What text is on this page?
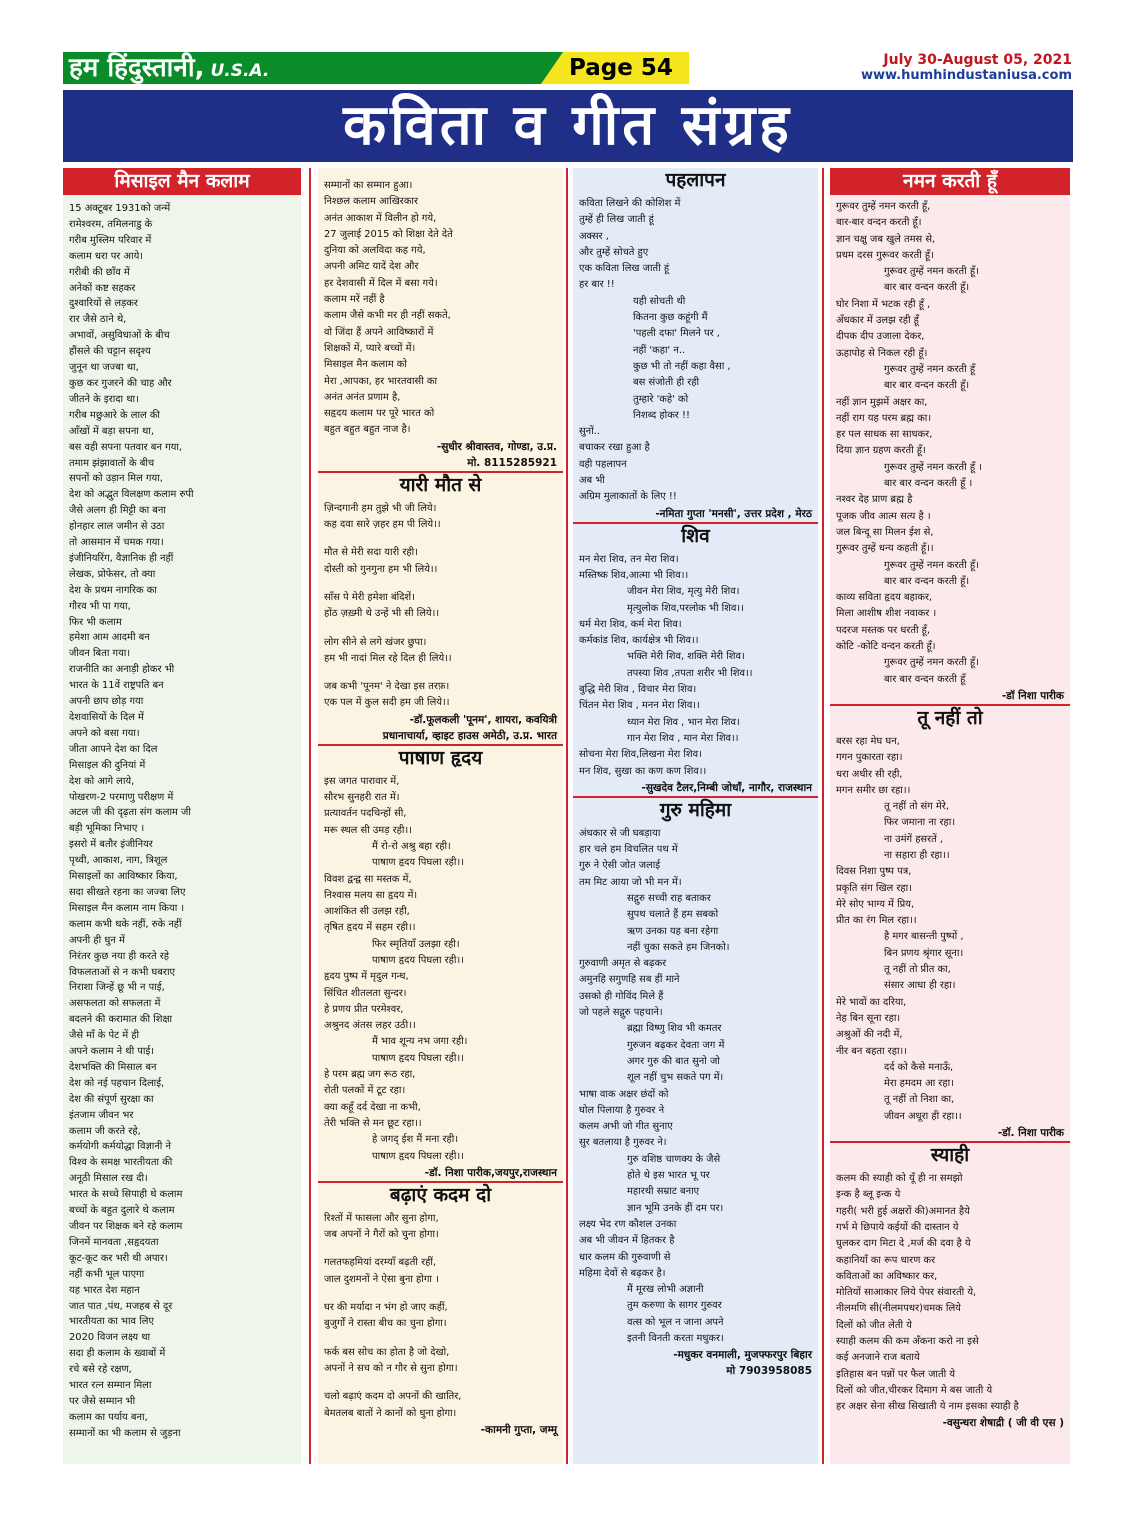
हम हिंदुस्तानी, U.S.A.	Page 54	July 30-August 05, 2021
www.humhindustaniusa.com
कविता व गीत संग्रह
मिसाइल मैन कलाम
15 अक्टूबर 1931को जन्में
रामेश्वरम, तमिलनाडु के
गरीब मुस्लिम परिवार में
कलाम धरा पर आये।
गरीबी की छाँव में
अनेकों कष्ट सहकर
दुश्वारियों से लड़कर
रार जैसे ठाने थे,
अभावों, असुविधाओं के बीच
हौंसले की चट्टान सदृश्य
जुनून था जज्बा था,
कुछ कर गुजरने की चाह और
जीतने के इरादा था।
गरीब मछुआरे के लाल की
आँखों में बड़ा सपना था,
बस वही सपना पतवार बन गया,
तमाम झंझावातों के बीच
सपनों को उड़ान मिल गया,
देश को अद्भुत विलक्षण कलाम रुपी
जैसे अलग ही मिट्टी का बना
होनहार लाल जमीन से उठा
तो आसमान में चमक गया।
इंजीनियरिंग, वैज्ञानिक ही नहीं
लेखक, प्रोफेसर, तो क्या
देश के प्रथम नागरिक का
गौरव भी पा गया,
फिर भी कलाम
हमेशा आम आदमी बन
जीवन बिता गया।
राजनीति का अनाड़ी होकर भी
भारत के 11वें राष्ट्रपति बन
अपनी छाप छोड़ गया
देशवासियों के दिल में
अपने को बसा गया।
जीता आपने देश का दिल
मिसाइल की दुनियां में
देश को आगे लाये,
पोखरण-2 परमाणु परीक्षण में
अटल जी की दृढ़ता संग कलाम जी
बड़ी भूमिका निभाए ।
इसरो में बतौर इंजीनियर
पृथ्वी, आकाश, नाग, त्रिशूल
मिसाइलों का आविष्कार किया,
सदा सीखते रहना का जज्बा लिए
मिसाइल मैन कलाम नाम किया ।
कलाम कभी थके नहीं, रुके नहीं
अपनी ही धुन में
निरंतर कुछ नया ही करते रहे
विफलताओं से न कभी घबराए
निराशा जिन्हें छू भी न पाई,
असफलता को सफलता में
बदलने की करामात की शिक्षा
जैसे माँ के पेट में ही
अपने कलाम ने थी पाई।
देशभक्ति की मिसाल बन
देश को नई पहचान दिलाई,
देश की संपूर्ण सुरक्षा का
इंतजाम जीवन भर
कलाम जी करते रहे,
कर्मयोगी कर्मयोद्धा विज्ञानी ने
विश्व के समक्ष भारतीयता की
अनूठी मिसाल रख दी।
भारत के सच्चे सिपाही थे कलाम
बच्चों के बहुत दुलारे थे कलाम
जीवन पर शिक्षक बने रहे कलाम
जिनमें मानवता ,सहृदयता
कूट-कूट कर भरी थी अपार।
नहीं कभी भूल पाएगा
यह भारत देश महान
जात पात ,पंथ, मजहब से दूर
भारतीयता का भाव लिए
2020 विजन लक्ष्य था
सदा ही कलाम के ख्वाबों में
रचे बसे रहे रक्षण,
भारत रत्न सम्मान मिला
पर जैसे सम्मान भी
कलाम का पर्याय बना,
सम्मानों का भी कलाम से जुड़ना
सम्मानों का सम्मान हुआ।
निश्छल कलाम आखिरकार
अनंत आकाश में विलीन हो गये,
27 जुलाई 2015 को शिक्षा देते देते
दुनिया को अलविदा कह गये,
अपनी अमिट यादें देश और
हर देशवासी में दिल में बसा गये।
कलाम मरें नहीं है
कलाम जैसे कभी मर ही नहीं सकते,
वो जिंदा हैं अपने आविष्कारों में
शिक्षकों में, प्यारे बच्चों में।
मिसाइल मैन कलाम को
मेरा ,आपका, हर भारतवासी का
अनंत अनंत प्रणाम है,
सहृदय कलाम पर पूरे भारत को
बहुत बहुत बहुत नाज है।
-सुधीर श्रीवास्तव, गोण्डा, उ.प्र.
मो. 8115285921
यारी मौत से
ज़िन्दगानी हम तुझे भी जी लिये।
कह दवा सारे ज़हर हम पी लिये।।
मौत से मेरी सदा यारी रही।
दोस्ती को गुनगुना हम भी लिये।।
साँस पे मेरी हमेशा बंदिशें।
होंठ ज़ख़्मी थे उन्हें भी सी लिये।।
लोग सीने से लगे खंजर छुपा।
हम भी नादां मिल रहे दिल ही लिये।।
जब कभी 'पूनम' ने देखा इस तरफ़।
एक पल में कुल सदी हम जी लिये।।
-डॉ.फूलकली 'पूनम', शायरा, कवयित्री
प्रधानाचार्या, व्हाइट हाउस अमेठी, उ.प्र. भारत
पाषाण हृदय
इस जगत पारावार में,
सौरभ सुनहरी रात में।
प्रत्यावर्तन पदचिन्हों सी,
मरू स्थल सी उमड़ रही।।
मैं रो-रो अश्रु बहा रही।
पाषाण हृदय पिघला रही।।
विवश द्वन्द्व सा मस्तक में,
निश्वास मलय सा हृदय में।
आशंकित सी उलझ रही,
तृषित हृदय में सहम रही।।
फिर स्मृतियाँ उलझा रही।
पाषाण हृदय पिघला रही।।
हृदय पुष्प में मृदुल गन्ध,
सिंचित शीतलता सुन्दर।
हे प्रणय प्रीत परमेश्वर,
अश्रुनद अंतस लहर उठी।।
मैं भाव शून्य नभ जगा रही।
पाषाण हृदय पिघला रही।।
हे परम ब्रह्म जग रूठ रहा,
रोती पलकों में टूट रहा।
क्या कहूँ दर्द देखा ना कभी,
तेरी भक्ति से मन छूट रहा।।
हे जगद् ईश मैं मना रही।
पाषाण हृदय पिघला रही।।
-डॉ. निशा पारीक,जयपुर,राजस्थान
बढ़ाएं कदम दो
रिश्तों में फासला और सुना होगा,
जब अपनों ने गैरों को चुना होगा।
गलतफहमियां दरम्याँ बढ़ती रहीं,
जाल दुशमनों ने ऐसा बुना होगा ।
घर की मर्यादा न भंग हो जाए कहीं,
बुजुर्गों ने रास्ता बीच का चुना होगा।
फर्क बस सोच का होता है जो देखो,
अपनों ने सच को न गौर से सुना होगा।
चलो बढ़ाएं कदम दो अपनों की खातिर,
बेमतलब बातों ने कानों को धुना होगा।
-कामनी गुप्ता, जम्मू
पहलापन
कविता लिखने की कोशिश में
तुम्हें ही लिख जाती हूं
अक्सर ,
और तुम्हें सोचते हुए
एक कविता लिख जाती हूं
हर बार !!
यही सोचती थी
कितना कुछ कहूंगी मैं
'पहली दफा' मिलने पर ,
नहीं 'कहा' न..
कुछ भी तो नहीं कहा वैसा ,
बस संजोती ही रही
तुम्हारे 'कहे' को
निशब्द होकर !!
सुनों..
बचाकर रखा हुआ है
वही पहलापन
अब भी
अग्रिम मुलाकातों के लिए !!
-नमिता गुप्ता 'मनसी', उत्तर प्रदेश , मेरठ
शिव
मन मेरा शिव, तन मेरा शिव।
मस्तिष्क शिव,आत्मा भी शिव।।
जीवन मेरा शिव, मृत्यु मेरी शिव।
मृत्युलोक शिव,परलोक भी शिव।।
धर्म मेरा शिव, कर्म मेरा शिव।
कर्मकांड शिव, कार्यक्षेत्र भी शिव।।
भक्ति मेरी शिव, शक्ति मेरी शिव।
तपस्या शिव ,तपता शरीर भी शिव।।
बुद्धि मेरी शिव , विचार मेरा शिव।
चिंतन मेरा शिव , मनन मेरा शिव।।
ध्यान मेरा शिव , भान मेरा शिव।
गान मेरा शिव , मान मेरा शिव।।
सोचना मेरा शिव,लिखना मेरा शिव।
मन शिव, सुखा का कण कण शिव।।
-सुखदेव टैलर,निम्बी जोधाँ, नागौर, राजस्थान
गुरु महिमा
अंधकार से जी घबड़ाया
हार चले हम विचलित पथ में
गुरु ने ऐसी जोत जलाई
तम मिट आया जो भी मन में।
सद्गुरु सच्ची राह बताकर
सुपथ चलाते हैं हम सबको
ऋण उनका यह बना रहेगा
नहीं चुका सकते हम जिनको।
गुरुवाणी अमृत से बढ़कर
अमुनहि सगुणहि सब हीं माने
उसको ही गोविंद मिले हैं
जो पहले सद्गुरु पहचाने।
ब्रह्मा विष्णु शिव भी कमतर
गुरुजन बढ़कर देवता जग में
अगर गुरु की बात सुनो जो
शूल नहीं चुभ सकते पग में।
भाषा वाक अक्षर छंदों को
घोल पिलाया है गुरुवर ने
कलम अभी जो गीत सुनाए
सुर बतलाया है गुरुवर ने।
गुरु वशिष्ठ चाणक्य के जैसे
होते थे इस भारत भू पर
महारथी सम्राट बनाए
ज्ञान भूमि उनके हीं दम पर।
लक्ष्य भेद रण कौशल उनका
अब भी जीवन में हितकर है
धार कलम की गुरुवाणी से
महिमा देवों से बढ़कर है।
मैं मूरख लोभी अज्ञानी
तुम करुणा के सागर गुरुवर
वत्स को भूल न जाना अपने
इतनी विनती करता मधुकर।
-मधुकर वनमाली, मुजफ्फरपुर बिहार
मो 7903958085
नमन करती हूँ
गुरूवर तुम्हें नमन करती हूँ,
बार-बार वन्दन करती हूँ।
ज्ञान चक्षु जब खुले तमस से,
प्रथम दरस गुरूवर करती हूँ।
गुरूवर तुम्हें नमन करती हूँ।
बार बार वन्दन करती हूँ।
घोर निशा में भटक रही हूँ ,
अँधकार में उलझ रही हूँ
दीपक दीप उजाला देकर,
ऊहापोह से निकल रही हूँ।
गुरूवर तुम्हें नमन करती हूँ
बार बार वन्दन करती हूँ।
नहीं ज्ञान मुझमें अक्षर का,
नहीं राग यह परम ब्रह्म का।
हर पल साधक सा साधकर,
दिया ज्ञान ग्रहण करती हूँ।
गुरूवर तुम्हें नमन करती हूँ ।
बार बार वन्दन करती हूँ ।
नश्वर देह प्राण ब्रह्म है
पूजक जीव आत्म सत्य है ।
जल बिन्दू सा मिलन ईश से,
गुरूवर तुम्हें धन्य कहती हूँ।।
गुरूवर तुम्हें नमन करती हूँ।
बार बार वन्दन करती हूँ।
काव्य सविता हृदय बहाकर,
मिला आशीष शीश नवाकर ।
पदरज मस्तक पर धरती हूँ,
कोटि -कोटि वन्दन करती हूँ।
गुरूवर तुम्हें नमन करती हूँ।
बार बार वन्दन करती हूँ
-डॉ निशा पारीक
तू नहीं तो
बरस रहा मेघ घन,
गगन पुकारता रहा।
धरा अधीर सी रही,
मगन समीर छा रहा।।
तू नहीं तो संग मेरे,
फिर जमाना ना रहा।
ना उमंगें हसरतें ,
ना सहारा ही रहा।।
दिवस निशा पुष्प पत्र,
प्रकृति संग खिल रहा।
मेरे सोए भाग्य में प्रिय,
प्रीत का रंग मिल रहा।।
है मगर बासन्ती पुष्पों ,
बिन प्रणय श्रृंगार सूना।
तू नहीं तो प्रीत का,
संसार आधा ही रहा।
मेरे भावों का दरिया,
नेह बिन सूना रहा।
अश्रुओं की नदी में,
नीर बन बहता रहा।।
दर्द को कैसे मनाऊँ,
मेरा हमदम आ रहा।
तू नहीं तो निशा का,
जीवन अधूरा ही रहा।।
-डॉ. निशा पारीक
स्याही
कलम की स्याही को यूँ ही ना समझो
इन्क है ब्लू इन्क ये
गहरी( भरी हुई अक्षरों की)अमानत हैये
गर्भ मे छिपाये कईयों की दास्तान ये
घुलकर दाग मिटा दे ,मर्ज की दवा है ये
कहानियाँ का रूप धारण कर
कविताओं का अविष्कार कर,
मोतियों साआकार लिये पेपर संवारती ये,
नीलमणि सी(नीलमपथर)चमक लिये
दिलों को जीत लेती ये
स्याही कलम की कम अँकना करो ना इसे
कई अनजाने राज बताये
इतिहास बन पन्नों पर फैल जाती ये
दिलों को जीत,चीरकर दिमाग मे बस जाती ये
हर अक्षर सेना सीख सिखाती ये नाम इसका स्याही है
-वसुन्धरा शेषाद्री ( जी वी एस )
